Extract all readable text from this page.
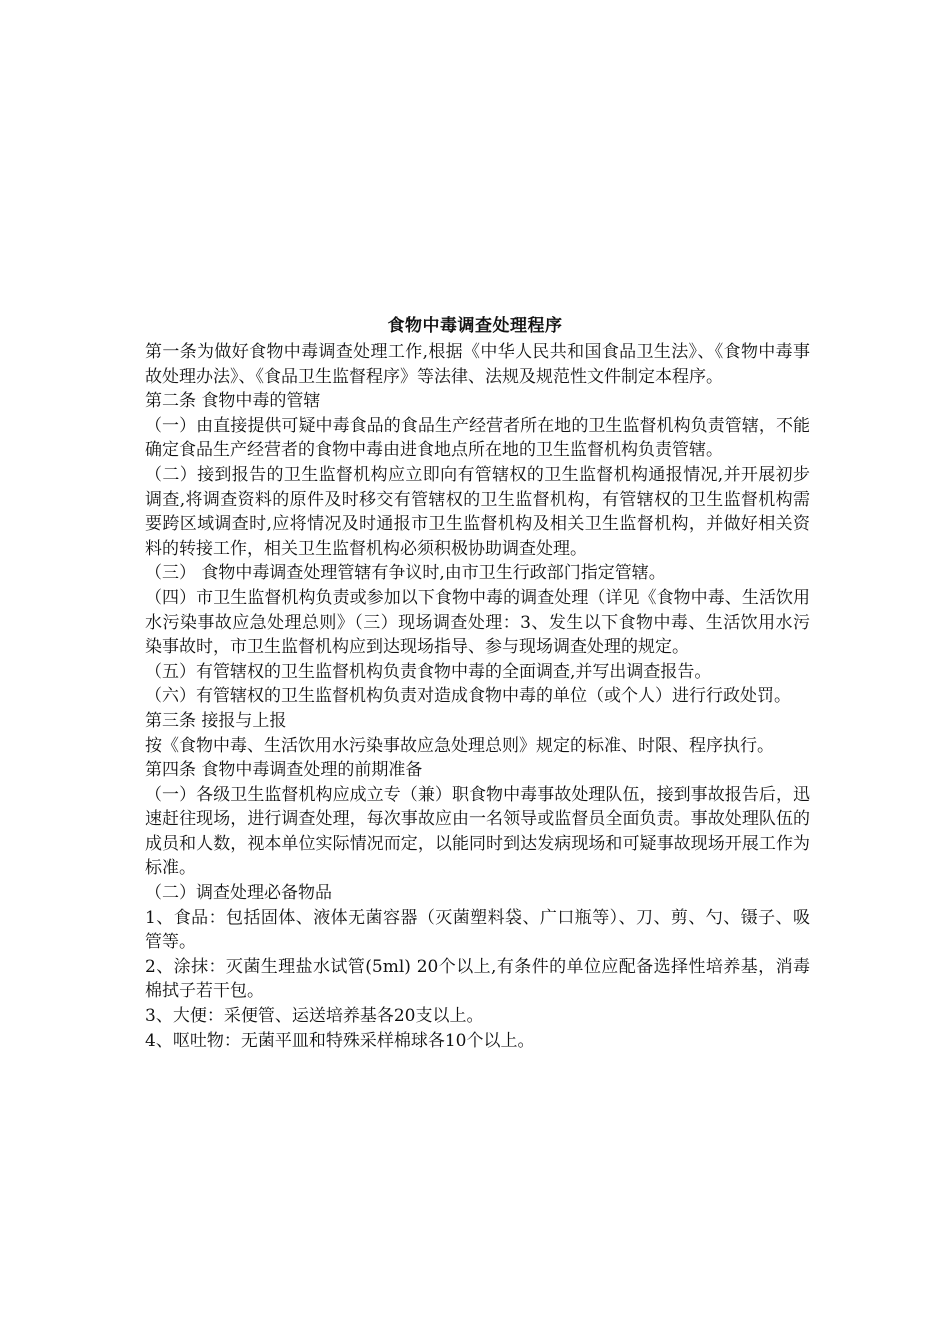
食物中毒调查处理程序

第一条为做好食物中毒调查处理工作,根据《中华人民共和国食品卫生法》、《食物中毒事故处理办法》、《食品卫生监督程序》等法律、法规及规范性文件制定本程序。

第二条 食物中毒的管辖

（一）由直接提供可疑中毒食品的食品生产经营者所在地的卫生监督机构负责管辖，不能确定食品生产经营者的食物中毒由进食地点所在地的卫生监督机构负责管辖。

（二）接到报告的卫生监督机构应立即向有管辖权的卫生监督机构通报情况,并开展初步调查,将调查资料的原件及时移交有管辖权的卫生监督机构，有管辖权的卫生监督机构需要跨区域调查时,应将情况及时通报市卫生监督机构及相关卫生监督机构，并做好相关资料的转接工作，相关卫生监督机构必须积极协助调查处理。

（三） 食物中毒调查处理管辖有争议时,由市卫生行政部门指定管辖。

（四）市卫生监督机构负责或参加以下食物中毒的调查处理（详见《食物中毒、生活饮用水污染事故应急处理总则》（三）现场调查处理：3、发生以下食物中毒、生活饮用水污染事故时，市卫生监督机构应到达现场指导、参与现场调查处理的规定。

（五）有管辖权的卫生监督机构负责食物中毒的全面调查,并写出调查报告。

（六）有管辖权的卫生监督机构负责对造成食物中毒的单位（或个人）进行行政处罚。

第三条 接报与上报

按《食物中毒、生活饮用水污染事故应急处理总则》规定的标准、时限、程序执行。

第四条 食物中毒调查处理的前期准备

（一）各级卫生监督机构应成立专（兼）职食物中毒事故处理队伍，接到事故报告后，迅速赶往现场，进行调查处理，每次事故应由一名领导或监督员全面负责。事故处理队伍的成员和人数，视本单位实际情况而定，以能同时到达发病现场和可疑事故现场开展工作为标准。

（二）调查处理必备物品

1、食品：包括固体、液体无菌容器（灭菌塑料袋、广口瓶等）、刀、剪、勺、镊子、吸管等。

2、涂抹：灭菌生理盐水试管(5ml) 20个以上,有条件的单位应配备选择性培养基，消毒棉拭子若干包。

3、大便：采便管、运送培养基各20支以上。

4、呕吐物：无菌平皿和特殊采样棉球各10个以上。
